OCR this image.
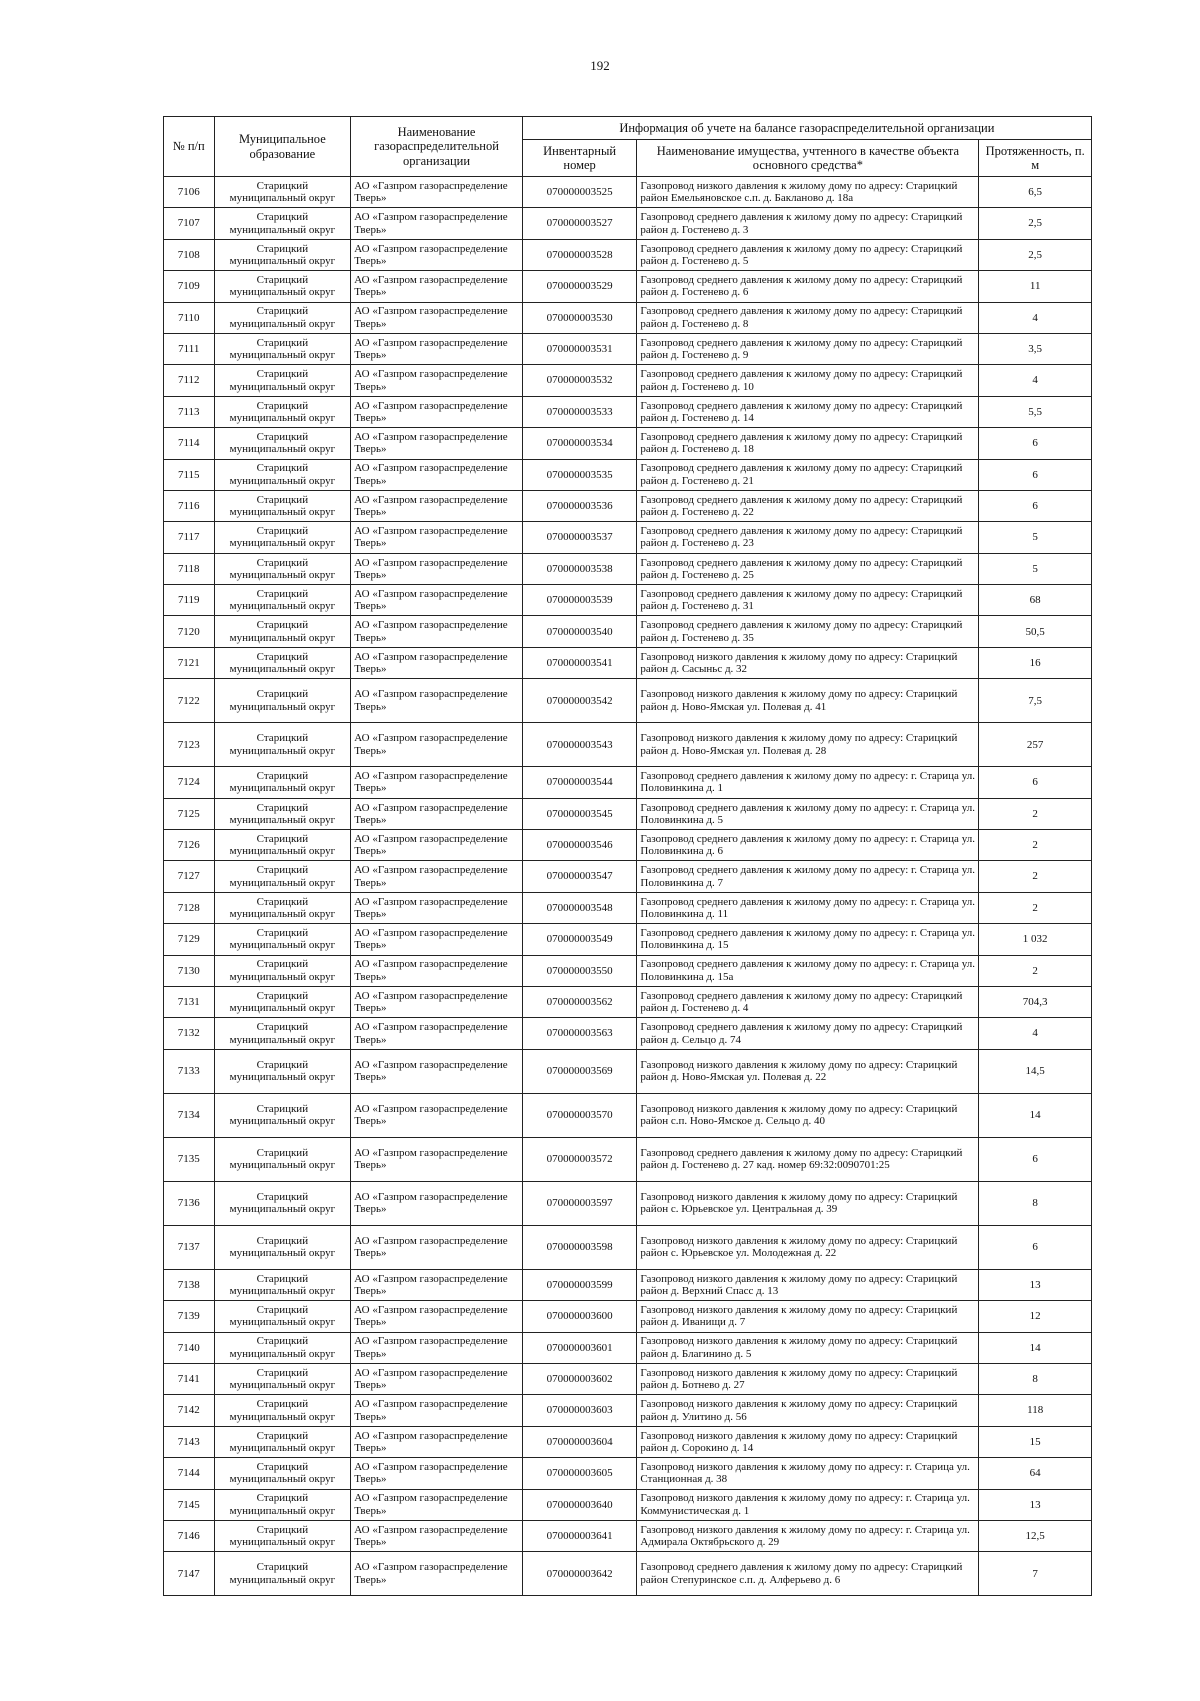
192
№ п/п	Муниципальное образование	Наименование газораспределительной организации	Информация об учете на балансе газораспределительной организации		
			Инвентарный номер	Наименование имущества, учтенного в качестве объекта основного средства*	Протяженность, п. м
7106	Старицкий муниципальный округ	АО «Газпром газораспределение Тверь»	070000003525	Газопровод низкого давления к жилому дому по адресу: Старицкий район Емельяновское с.п. д. Бакланово д. 18а	6,5
7107	Старицкий муниципальный округ	АО «Газпром газораспределение Тверь»	070000003527	Газопровод среднего давления к жилому дому по адресу: Старицкий район д. Гостенево д. 3	2,5
7108	Старицкий муниципальный округ	АО «Газпром газораспределение Тверь»	070000003528	Газопровод среднего давления к жилому дому по адресу: Старицкий район д. Гостенево д. 5	2,5
7109	Старицкий муниципальный округ	АО «Газпром газораспределение Тверь»	070000003529	Газопровод среднего давления к жилому дому по адресу: Старицкий район д. Гостенево д. 6	11
7110	Старицкий муниципальный округ	АО «Газпром газораспределение Тверь»	070000003530	Газопровод среднего давления к жилому дому по адресу: Старицкий район д. Гостенево д. 8	4
7111	Старицкий муниципальный округ	АО «Газпром газораспределение Тверь»	070000003531	Газопровод среднего давления к жилому дому по адресу: Старицкий район д. Гостенево д. 9	3,5
7112	Старицкий муниципальный округ	АО «Газпром газораспределение Тверь»	070000003532	Газопровод среднего давления к жилому дому по адресу: Старицкий район д. Гостенево д. 10	4
7113	Старицкий муниципальный округ	АО «Газпром газораспределение Тверь»	070000003533	Газопровод среднего давления к жилому дому по адресу: Старицкий район д. Гостенево д. 14	5,5
7114	Старицкий муниципальный округ	АО «Газпром газораспределение Тверь»	070000003534	Газопровод среднего давления к жилому дому по адресу: Старицкий район д. Гостенево д. 18	6
7115	Старицкий муниципальный округ	АО «Газпром газораспределение Тверь»	070000003535	Газопровод среднего давления к жилому дому по адресу: Старицкий район д. Гостенево д. 21	6
7116	Старицкий муниципальный округ	АО «Газпром газораспределение Тверь»	070000003536	Газопровод среднего давления к жилому дому по адресу: Старицкий район д. Гостенево д. 22	6
7117	Старицкий муниципальный округ	АО «Газпром газораспределение Тверь»	070000003537	Газопровод среднего давления к жилому дому по адресу: Старицкий район д. Гостенево д. 23	5
7118	Старицкий муниципальный округ	АО «Газпром газораспределение Тверь»	070000003538	Газопровод среднего давления к жилому дому по адресу: Старицкий район д. Гостенево д. 25	5
7119	Старицкий муниципальный округ	АО «Газпром газораспределение Тверь»	070000003539	Газопровод среднего давления к жилому дому по адресу: Старицкий район д. Гостенево д. 31	68
7120	Старицкий муниципальный округ	АО «Газпром газораспределение Тверь»	070000003540	Газопровод среднего давления к жилому дому по адресу: Старицкий район д. Гостенево д. 35	50,5
7121	Старицкий муниципальный округ	АО «Газпром газораспределение Тверь»	070000003541	Газопровод низкого давления к жилому дому по адресу: Старицкий район д. Сасыньс д. 32	16
7122	Старицкий муниципальный округ	АО «Газпром газораспределение Тверь»	070000003542	Газопровод низкого давления к жилому дому по адресу: Старицкий район д. Ново-Ямская ул. Полевая д. 41	7,5
7123	Старицкий муниципальный округ	АО «Газпром газораспределение Тверь»	070000003543	Газопровод низкого давления к жилому дому по адресу: Старицкий район д. Ново-Ямская ул. Полевая д. 28	257
7124	Старицкий муниципальный округ	АО «Газпром газораспределение Тверь»	070000003544	Газопровод среднего давления к жилому дому по адресу: г. Старица ул. Половинкина д. 1	6
7125	Старицкий муниципальный округ	АО «Газпром газораспределение Тверь»	070000003545	Газопровод среднего давления к жилому дому по адресу: г. Старица ул. Половинкина д. 5	2
7126	Старицкий муниципальный округ	АО «Газпром газораспределение Тверь»	070000003546	Газопровод среднего давления к жилому дому по адресу: г. Старица ул. Половинкина д. 6	2
7127	Старицкий муниципальный округ	АО «Газпром газораспределение Тверь»	070000003547	Газопровод среднего давления к жилому дому по адресу: г. Старица ул. Половинкина д. 7	2
7128	Старицкий муниципальный округ	АО «Газпром газораспределение Тверь»	070000003548	Газопровод среднего давления к жилому дому по адресу: г. Старица ул. Половинкина д. 11	2
7129	Старицкий муниципальный округ	АО «Газпром газораспределение Тверь»	070000003549	Газопровод среднего давления к жилому дому по адресу: г. Старица ул. Половинкина д. 15	1 032
7130	Старицкий муниципальный округ	АО «Газпром газораспределение Тверь»	070000003550	Газопровод среднего давления к жилому дому по адресу: г. Старица ул. Половинкина д. 15а	2
7131	Старицкий муниципальный округ	АО «Газпром газораспределение Тверь»	070000003562	Газопровод среднего давления к жилому дому по адресу: Старицкий район д. Гостенево д. 4	704,3
7132	Старицкий муниципальный округ	АО «Газпром газораспределение Тверь»	070000003563	Газопровод среднего давления к жилому дому по адресу: Старицкий район д. Сельцо д. 74	4
7133	Старицкий муниципальный округ	АО «Газпром газораспределение Тверь»	070000003569	Газопровод низкого давления к жилому дому по адресу: Старицкий район д. Ново-Ямская ул. Полевая д. 22	14,5
7134	Старицкий муниципальный округ	АО «Газпром газораспределение Тверь»	070000003570	Газопровод низкого давления к жилому дому по адресу: Старицкий район с.п. Ново-Ямское д. Сельцо д. 40	14
7135	Старицкий муниципальный округ	АО «Газпром газораспределение Тверь»	070000003572	Газопровод среднего давления к жилому дому по адресу: Старицкий район д. Гостенево д. 27 кад. номер 69:32:0090701:25	6
7136	Старицкий муниципальный округ	АО «Газпром газораспределение Тверь»	070000003597	Газопровод низкого давления к жилому дому по адресу: Старицкий район с. Юрьевское ул. Центральная д. 39	8
7137	Старицкий муниципальный округ	АО «Газпром газораспределение Тверь»	070000003598	Газопровод низкого давления к жилому дому по адресу: Старицкий район с. Юрьевское ул. Молодежная д. 22	6
7138	Старицкий муниципальный округ	АО «Газпром газораспределение Тверь»	070000003599	Газопровод низкого давления к жилому дому по адресу: Старицкий район д. Верхний Спасс д. 13	13
7139	Старицкий муниципальный округ	АО «Газпром газораспределение Тверь»	070000003600	Газопровод низкого давления к жилому дому по адресу: Старицкий район д. Иванищи д. 7	12
7140	Старицкий муниципальный округ	АО «Газпром газораспределение Тверь»	070000003601	Газопровод низкого давления к жилому дому по адресу: Старицкий район д. Благинино д. 5	14
7141	Старицкий муниципальный округ	АО «Газпром газораспределение Тверь»	070000003602	Газопровод низкого давления к жилому дому по адресу: Старицкий район д. Ботнево д. 27	8
7142	Старицкий муниципальный округ	АО «Газпром газораспределение Тверь»	070000003603	Газопровод низкого давления к жилому дому по адресу: Старицкий район д. Улитино д. 56	118
7143	Старицкий муниципальный округ	АО «Газпром газораспределение Тверь»	070000003604	Газопровод низкого давления к жилому дому по адресу: Старицкий район д. Сорокино д. 14	15
7144	Старицкий муниципальный округ	АО «Газпром газораспределение Тверь»	070000003605	Газопровод низкого давления к жилому дому по адресу: г. Старица ул. Станционная д. 38	64
7145	Старицкий муниципальный округ	АО «Газпром газораспределение Тверь»	070000003640	Газопровод низкого давления к жилому дому по адресу: г. Старица ул. Коммунистическая д. 1	13
7146	Старицкий муниципальный округ	АО «Газпром газораспределение Тверь»	070000003641	Газопровод низкого давления к жилому дому по адресу: г. Старица ул. Адмирала Октябрьского д. 29	12,5
7147	Старицкий муниципальный округ	АО «Газпром газораспределение Тверь»	070000003642	Газопровод среднего давления к жилому дому по адресу: Старицкий район Степуринское с.п. д. Алферьево д. 6	7
